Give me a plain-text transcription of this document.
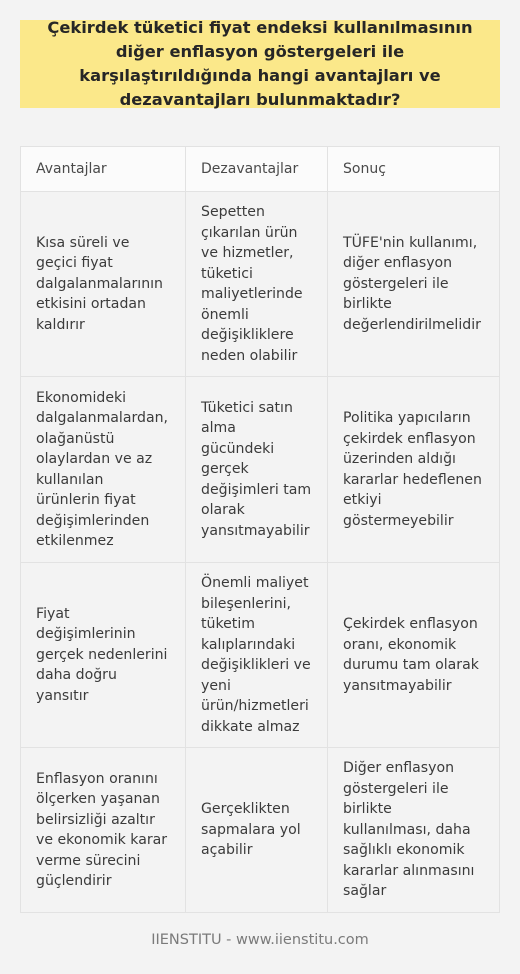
Çekirdek tüketici fiyat endeksi kullanılmasının diğer enflasyon göstergeleri ile karşılaştırıldığında hangi avantajları ve dezavantajları bulunmaktadır?
Avantajlar	Dezavantajlar	Sonuç
Kısa süreli ve geçici fiyat dalgalanmalarının etkisini ortadan kaldırır
Sepetten çıkarılan ürün ve hizmetler, tüketici maliyetlerinde önemli değişikliklere neden olabilir
TÜFE'nin kullanımı, diğer enflasyon göstergeleri ile birlikte değerlendirilmelidir
Ekonomideki dalgalanmalardan, olağanüstü olaylardan ve az kullanılan ürünlerin fiyat değişimlerinden etkilenmez
Tüketici satın alma gücündeki gerçek değişimleri tam olarak yansıtmayabilir
Politika yapıcıların çekirdek enflasyon üzerinden aldığı kararlar hedeflenen etkiyi göstermeyebilir
Fiyat değişimlerinin gerçek nedenlerini daha doğru yansıtır
Önemli maliyet bileşenlerini, tüketim kalıplarındaki değişiklikleri ve yeni ürün/hizmetleri dikkate almaz
Çekirdek enflasyon oranı, ekonomik durumu tam olarak yansıtmayabilir
Enflasyon oranını ölçerken yaşanan belirsizliği azaltır ve ekonomik karar verme sürecini güçlendirir
Gerçeklikten sapmalara yol açabilir
Diğer enflasyon göstergeleri ile birlikte kullanılması, daha sağlıklı ekonomik kararlar alınmasını sağlar
IIENSTITU - www.iienstitu.com
